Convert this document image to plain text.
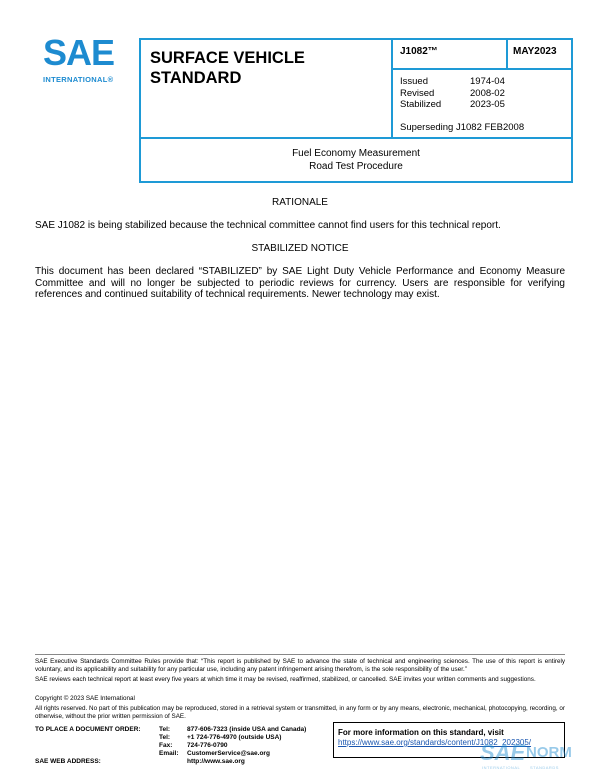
SAE
INTERNATIONAL®
SURFACE VEHICLE STANDARD
J1082™	MAY2023
Issued	1974-04
Revised	2008-02
Stabilized	2023-05
Superseding J1082 FEB2008
Fuel Economy Measurement
Road Test Procedure
RATIONALE
SAE J1082 is being stabilized because the technical committee cannot find users for this technical report.
STABILIZED NOTICE
This document has been declared “STABILIZED” by SAE Light Duty Vehicle Performance and Economy Measure Committee and will no longer be subjected to periodic reviews for currency. Users are responsible for verifying references and continued suitability of technical requirements. Newer technology may exist.
SAE Executive Standards Committee Rules provide that: “This report is published by SAE to advance the state of technical and engineering sciences. The use of this report is entirely voluntary, and its applicability and suitability for any particular use, including any patent infringement arising therefrom, is the sole responsibility of the user.”
SAE reviews each technical report at least every five years at which time it may be revised, reaffirmed, stabilized, or cancelled. SAE invites your written comments and suggestions.
Copyright © 2023 SAE International
All rights reserved. No part of this publication may be reproduced, stored in a retrieval system or transmitted, in any form or by any means, electronic, mechanical, photocopying, recording, or otherwise, without the prior written permission of SAE.
TO PLACE A DOCUMENT ORDER:	Tel:	877-606-7323 (inside USA and Canada)
Tel:	+1 724-776-4970 (outside USA)
Fax:	724-776-0790
Email:	CustomerService@sae.org
SAE WEB ADDRESS:	http://www.sae.org
For more information on this standard, visit
https://www.sae.org/standards/content/J1082_202305/
SAE NORM
INTERNATIONAL STANDARDS
